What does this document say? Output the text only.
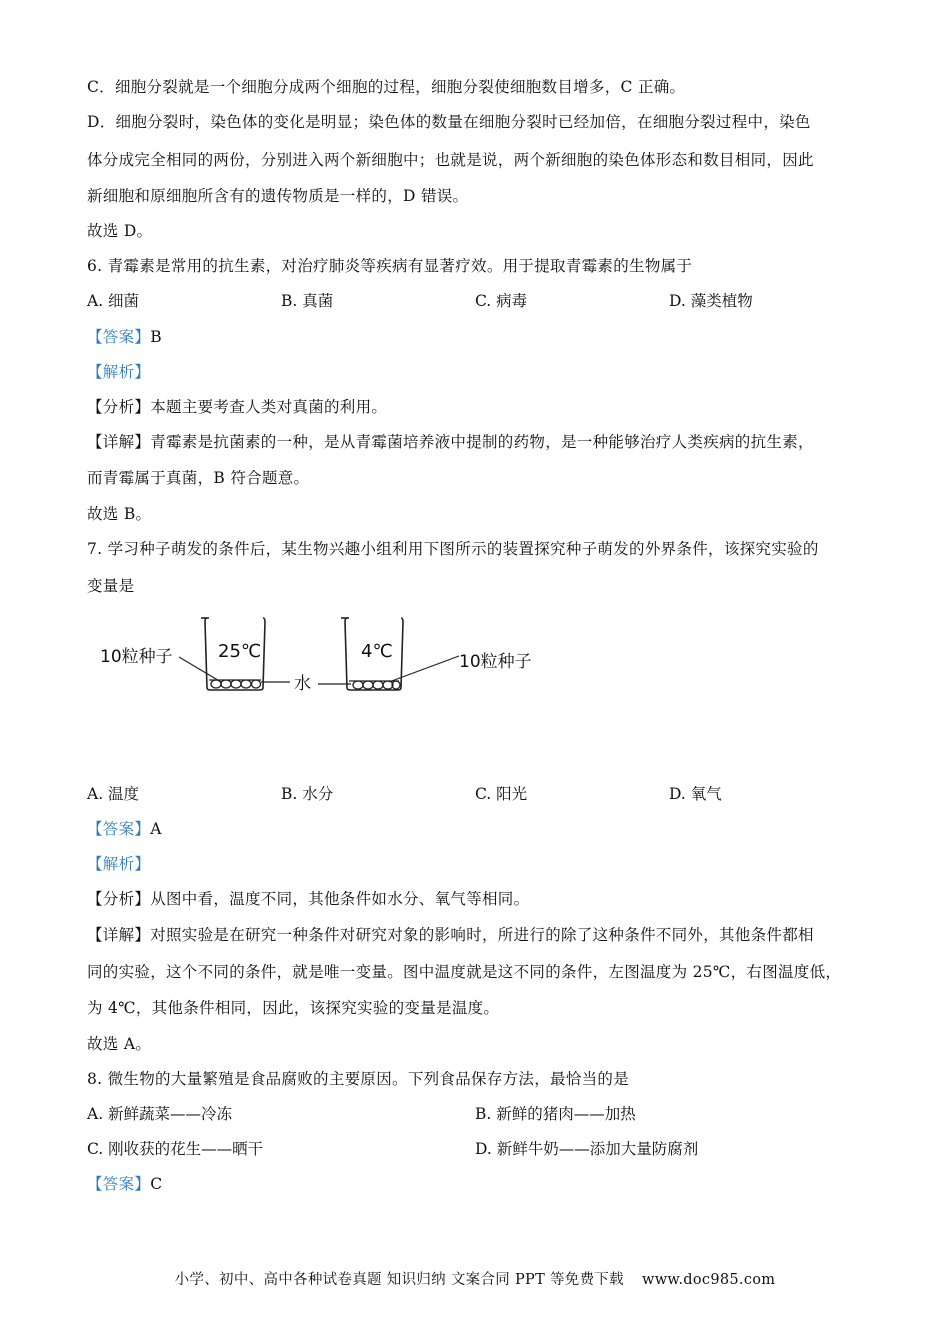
C．细胞分裂就是一个细胞分成两个细胞的过程，细胞分裂使细胞数目增多，C 正确。
D．细胞分裂时，染色体的变化是明显；染色体的数量在细胞分裂时已经加倍，在细胞分裂过程中，染色
体分成完全相同的两份，分别进入两个新细胞中；也就是说，两个新细胞的染色体形态和数目相同，因此
新细胞和原细胞所含有的遗传物质是一样的，D 错误。
故选 D。
6. 青霉素是常用的抗生素，对治疗肺炎等疾病有显著疗效。用于提取青霉素的生物属于
A. 细菌	B. 真菌	C. 病毒	D. 藻类植物
【答案】B
【解析】
【分析】本题主要考查人类对真菌的利用。
【详解】青霉素是抗菌素的一种，是从青霉菌培养液中提制的药物，是一种能够治疗人类疾病的抗生素，
而青霉属于真菌，B 符合题意。
故选 B。
7. 学习种子萌发的条件后，某生物兴趣小组利用下图所示的装置探究种子萌发的外界条件，该探究实验的
变量是
25℃
10粒种子
水
4℃	10粒种子
A. 温度	B. 水分	C. 阳光	D. 氧气
【答案】A
【解析】
【分析】从图中看，温度不同，其他条件如水分、氧气等相同。
【详解】对照实验是在研究一种条件对研究对象的影响时，所进行的除了这种条件不同外，其他条件都相
同的实验，这个不同的条件，就是唯一变量。图中温度就是这不同的条件，左图温度为 25℃，右图温度低，
为 4℃，其他条件相同，因此，该探究实验的变量是温度。
故选 A。
8. 微生物的大量繁殖是食品腐败的主要原因。下列食品保存方法，最恰当的是
A. 新鲜蔬菜——冷冻	B. 新鲜的猪肉——加热
C. 刚收获的花生——晒干	D. 新鲜牛奶——添加大量防腐剂
【答案】C
小学、初中、高中各种试卷真题 知识归纳 文案合同 PPT 等免费下载 www.doc985.com
